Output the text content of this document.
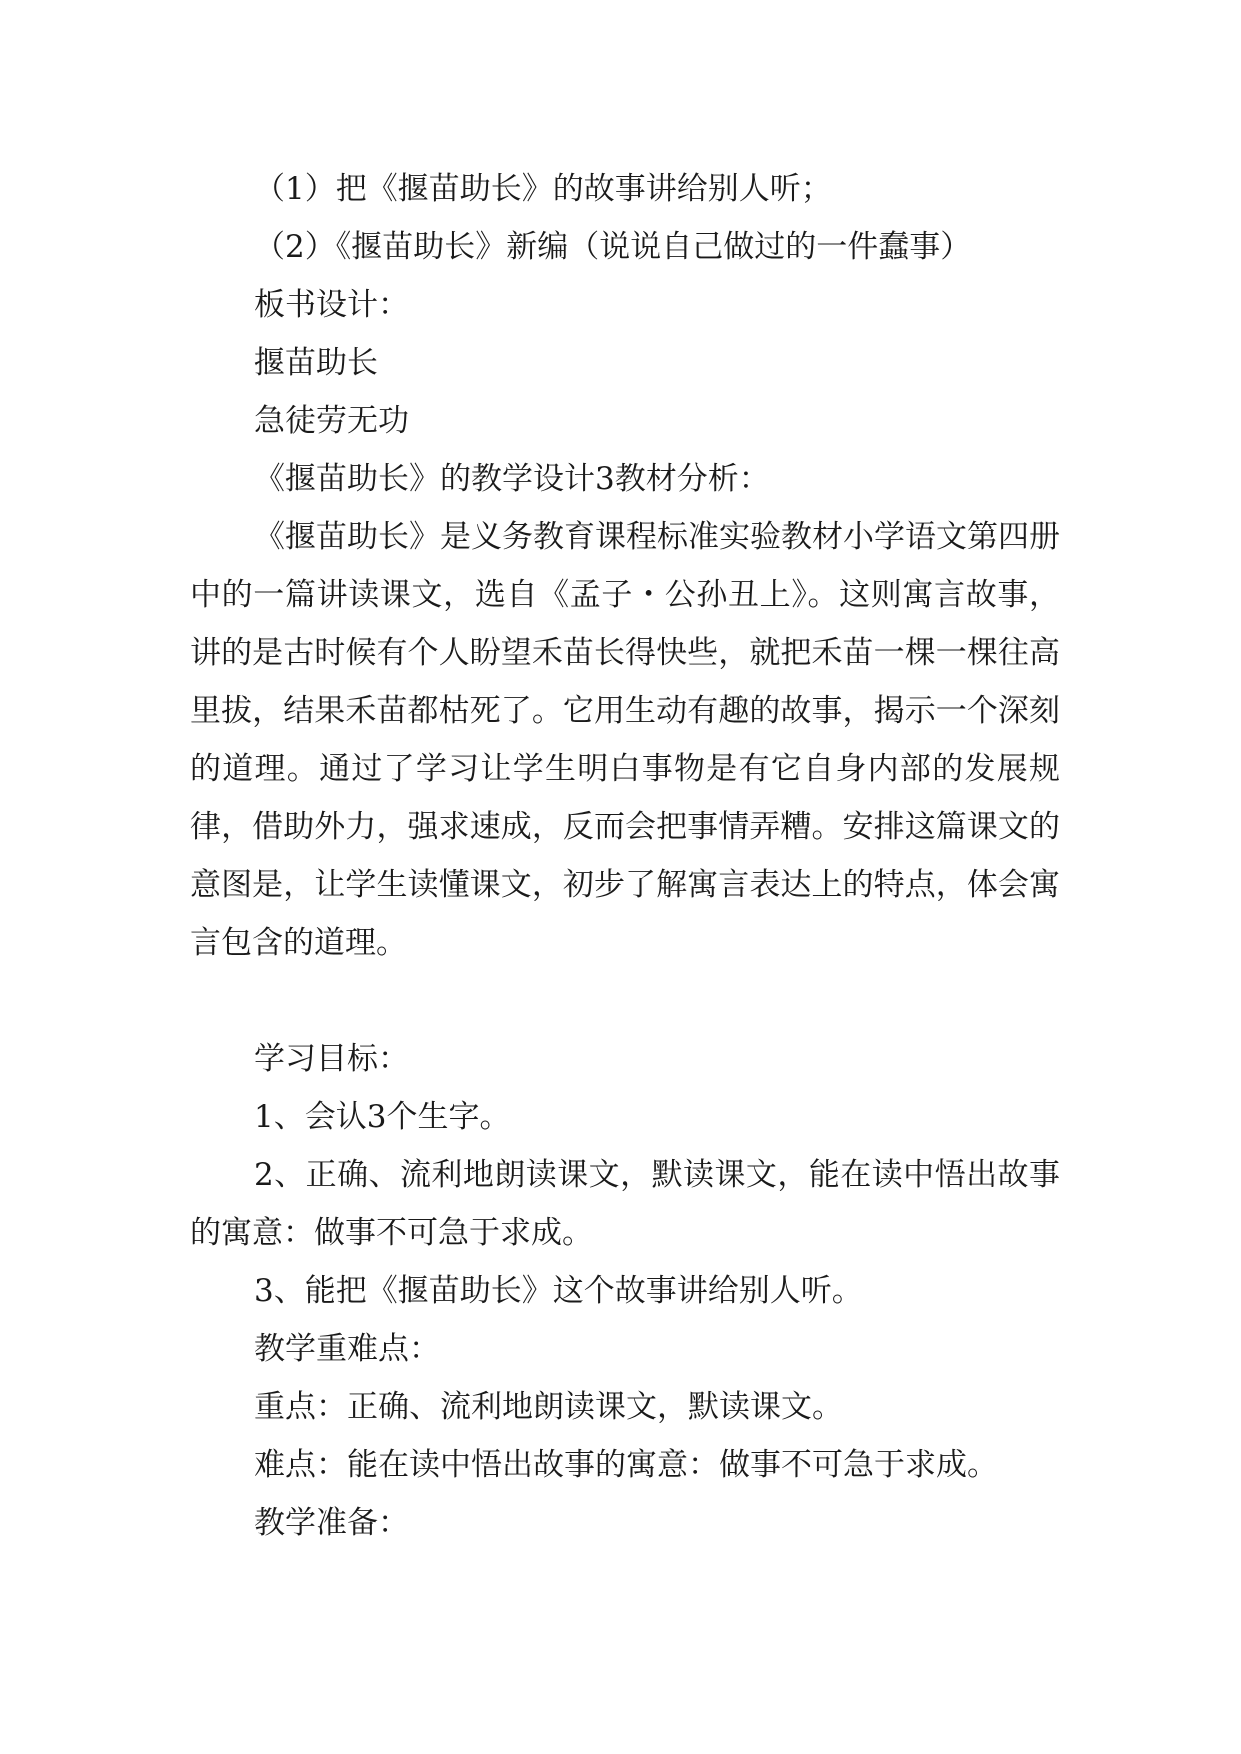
（1）把《揠苗助长》的故事讲给别人听；

（2）《揠苗助长》新编（说说自己做过的一件蠢事）

板书设计：

揠苗助长

急徒劳无功

《揠苗助长》的教学设计3教材分析：

《揠苗助长》是义务教育课程标准实验教材小学语文第四册中的一篇讲读课文，选自《孟子・公孙丑上》。这则寓言故事，讲的是古时候有个人盼望禾苗长得快些，就把禾苗一棵一棵往高里拔，结果禾苗都枯死了。它用生动有趣的故事，揭示一个深刻的道理。通过了学习让学生明白事物是有它自身内部的发展规律，借助外力，强求速成，反而会把事情弄糟。安排这篇课文的意图是，让学生读懂课文，初步了解寓言表达上的特点，体会寓言包含的道理。

学习目标：

1、会认3个生字。

2、正确、流利地朗读课文，默读课文，能在读中悟出故事的寓意：做事不可急于求成。

3、能把《揠苗助长》这个故事讲给别人听。

教学重难点：

重点：正确、流利地朗读课文，默读课文。

难点：能在读中悟出故事的寓意：做事不可急于求成。

教学准备：
